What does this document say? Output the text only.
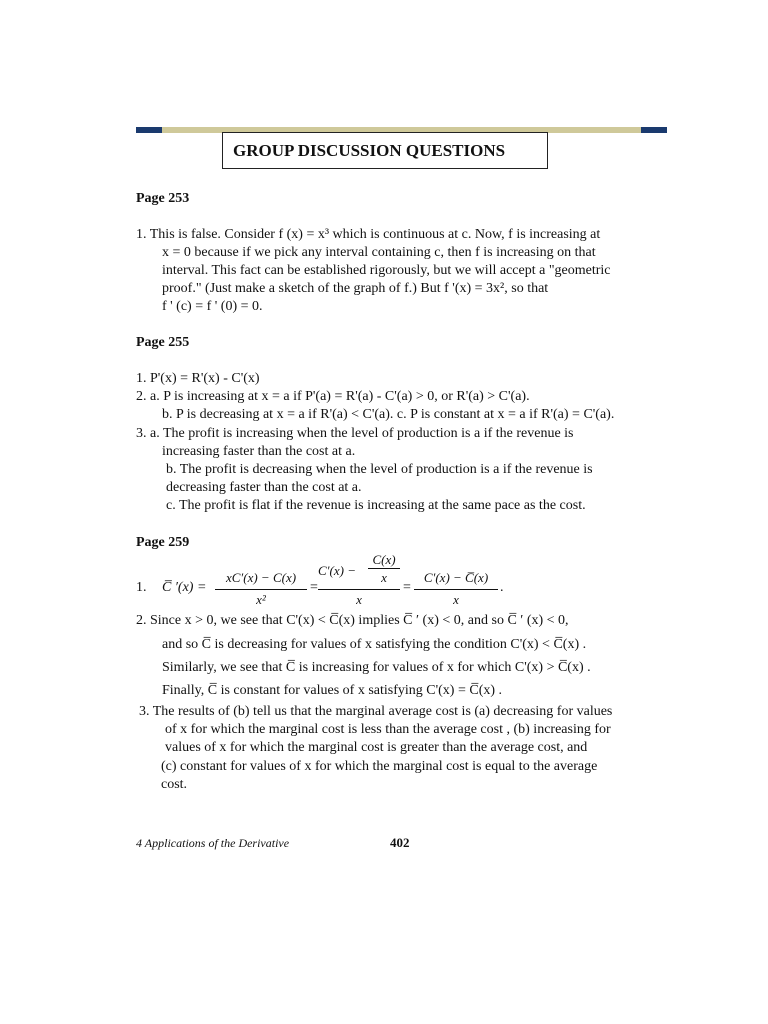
GROUP DISCUSSION QUESTIONS
Page 253
1. This is false. Consider f (x) = x³ which is continuous at c. Now, f is increasing at
x = 0 because if we pick any interval containing c, then f is increasing on that
interval. This fact can be established rigorously, but we will accept a "geometric
proof." (Just make a sketch of the graph of f.) But f '(x) = 3x², so that
f ' (c) = f ' (0) = 0.
Page 255
1. P'(x) = R'(x) - C'(x)
2. a. P is increasing at x = a if P'(a) = R'(a) - C'(a) > 0, or R'(a) > C'(a).
b. P is decreasing at x = a if R'(a) < C'(a). c. P is constant at x = a if R'(a) = C'(a).
3. a. The profit is increasing when the level of production is a if the revenue is
increasing faster than the cost at a.
b. The profit is decreasing when the level of production is a if the revenue is
decreasing faster than the cost at a.
c. The profit is flat if the revenue is increasing at the same pace as the cost.
Page 259
1. C̅ ′(x) =
xC′(x) − C(x)
x²
=
C′(x) −
C(x)
x
x
=
C′(x) − C̅(x)
x
.
2. Since x > 0, we see that C'(x) < C̅(x) implies C̅ ′ (x) < 0, and so C̅ ′ (x) < 0,
and so C̅ is decreasing for values of x satisfying the condition C'(x) < C̅(x) .
Similarly, we see that C̅ is increasing for values of x for which C'(x) > C̅(x) .
Finally, C̅ is constant for values of x satisfying C'(x) = C̅(x) .
3. The results of (b) tell us that the marginal average cost is (a) decreasing for values
of x for which the marginal cost is less than the average cost , (b) increasing for
values of x for which the marginal cost is greater than the average cost, and
(c) constant for values of x for which the marginal cost is equal to the average
cost.
4 Applications of the Derivative	402
